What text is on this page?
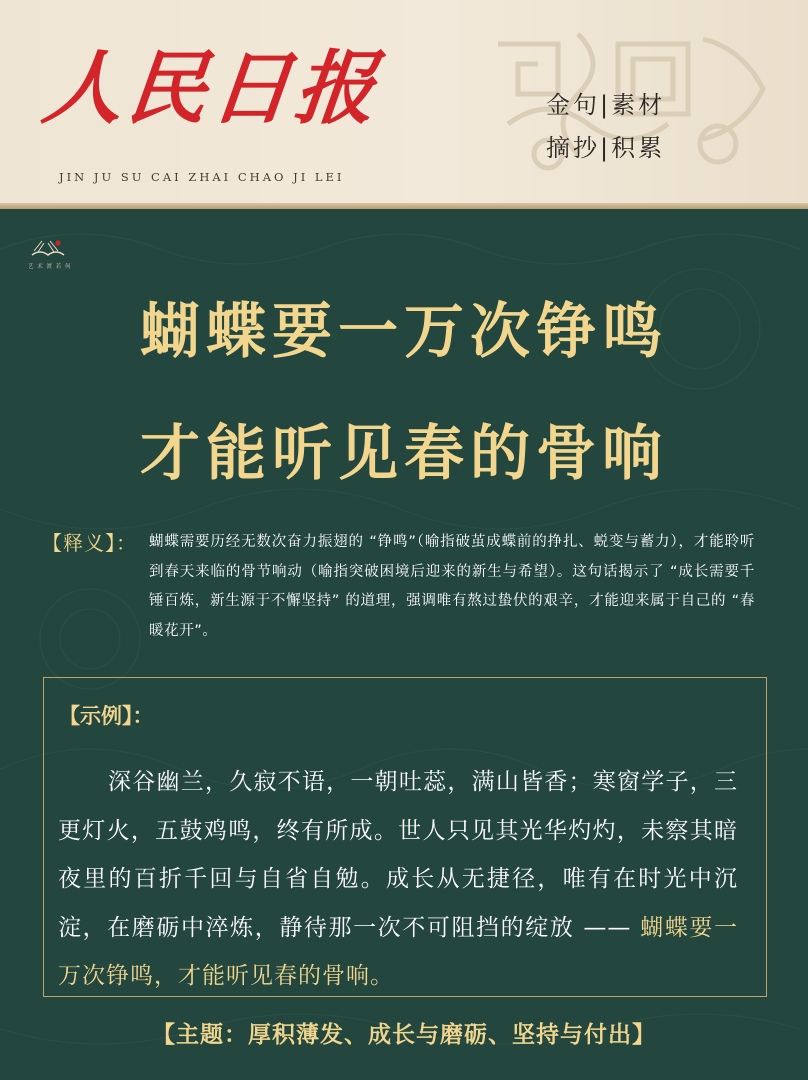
人民日报
JIN JU SU CAI ZHAI CHAO JI LEI
金句|素材
摘抄|积累
艺 术 渡 若 何
蝴蝶要一万次铮鸣
才能听见春的骨响
【释义】： 蝴蝶需要历经无数次奋力振翅的 “铮鸣”（喻指破茧成蝶前的挣扎、蜕变与蓄力），才能聆听到春天来临的骨节响动（喻指突破困境后迎来的新生与希望）。这句话揭示了 “成长需要千锤百炼，新生源于不懈坚持” 的道理，强调唯有熬过蛰伏的艰辛，才能迎来属于自己的 “春暖花开”。
【示例】：
深谷幽兰，久寂不语，一朝吐蕊，满山皆香；寒窗学子，三更灯火，五鼓鸡鸣，终有所成。世人只见其光华灼灼，未察其暗夜里的百折千回与自省自勉。成长从无捷径，唯有在时光中沉淀，在磨砺中淬炼，静待那一次不可阻挡的绽放 —— 蝴蝶要一万次铮鸣，才能听见春的骨响。
【主题：厚积薄发、成长与磨砺、坚持与付出】
